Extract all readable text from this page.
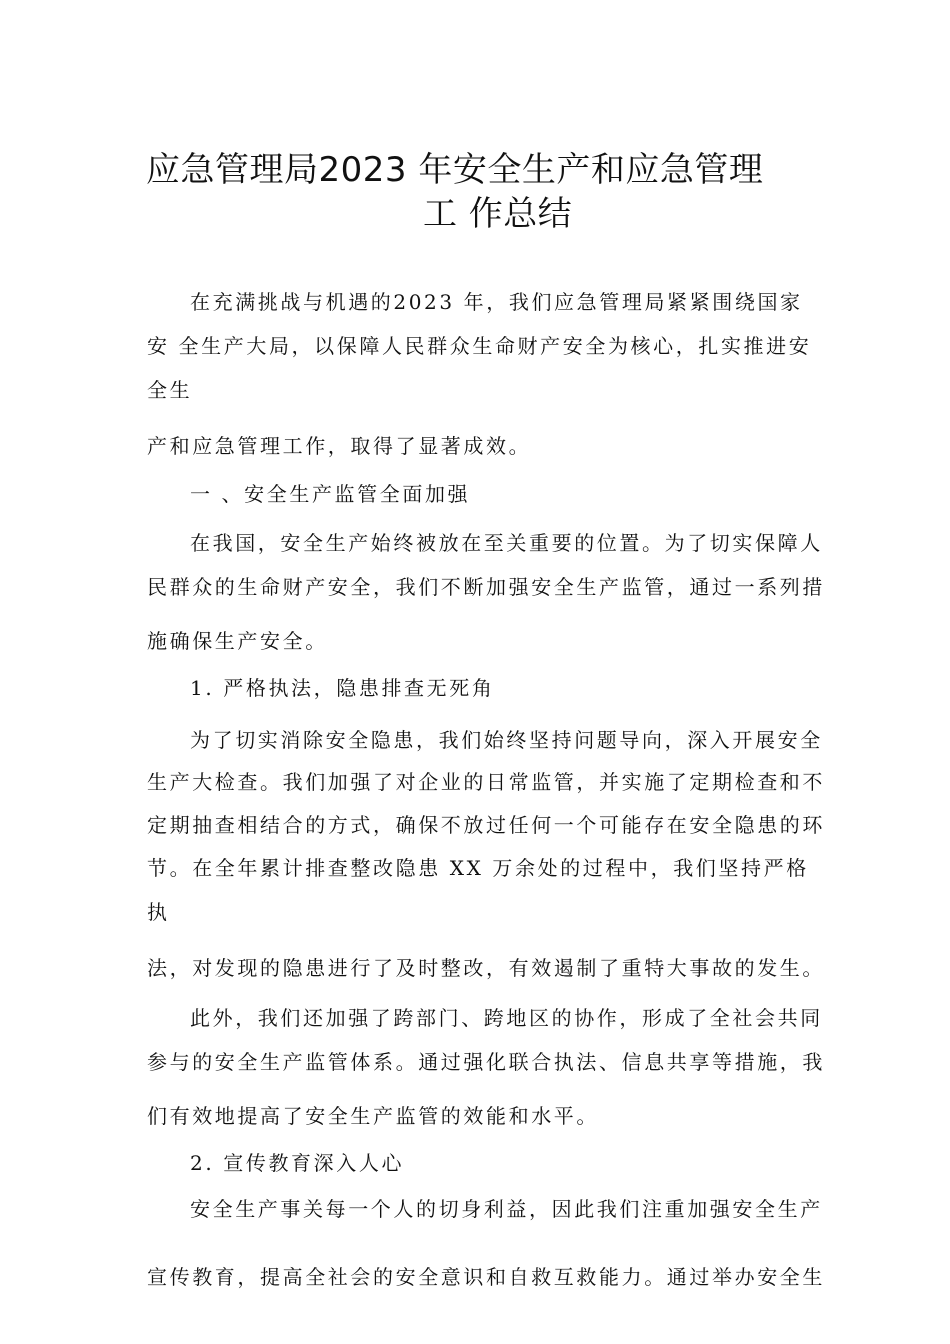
应急管理局2023 年安全生产和应急管理
工 作总结
在充满挑战与机遇的2023 年，我们应急管理局紧紧围绕国家
安 全生产大局，以保障人民群众生命财产安全为核心，扎实推进安
全生
产和应急管理工作，取得了显著成效。
一 、安全生产监管全面加强
在我国，安全生产始终被放在至关重要的位置。为了切实保障人
民群众的生命财产安全，我们不断加强安全生产监管，通过一系列措
施确保生产安全。
1. 严格执法，隐患排查无死角
为了切实消除安全隐患，我们始终坚持问题导向，深入开展安全
生产大检查。我们加强了对企业的日常监管，并实施了定期检查和不
定期抽查相结合的方式，确保不放过任何一个可能存在安全隐患的环
节。在全年累计排查整改隐患 XX 万余处的过程中，我们坚持严格
执
法，对发现的隐患进行了及时整改，有效遏制了重特大事故的发生。
此外，我们还加强了跨部门、跨地区的协作，形成了全社会共同
参与的安全生产监管体系。通过强化联合执法、信息共享等措施，我
们有效地提高了安全生产监管的效能和水平。
2. 宣传教育深入人心
安全生产事关每一个人的切身利益，因此我们注重加强安全生产
宣传教育，提高全社会的安全意识和自救互救能力。通过举办安全生
